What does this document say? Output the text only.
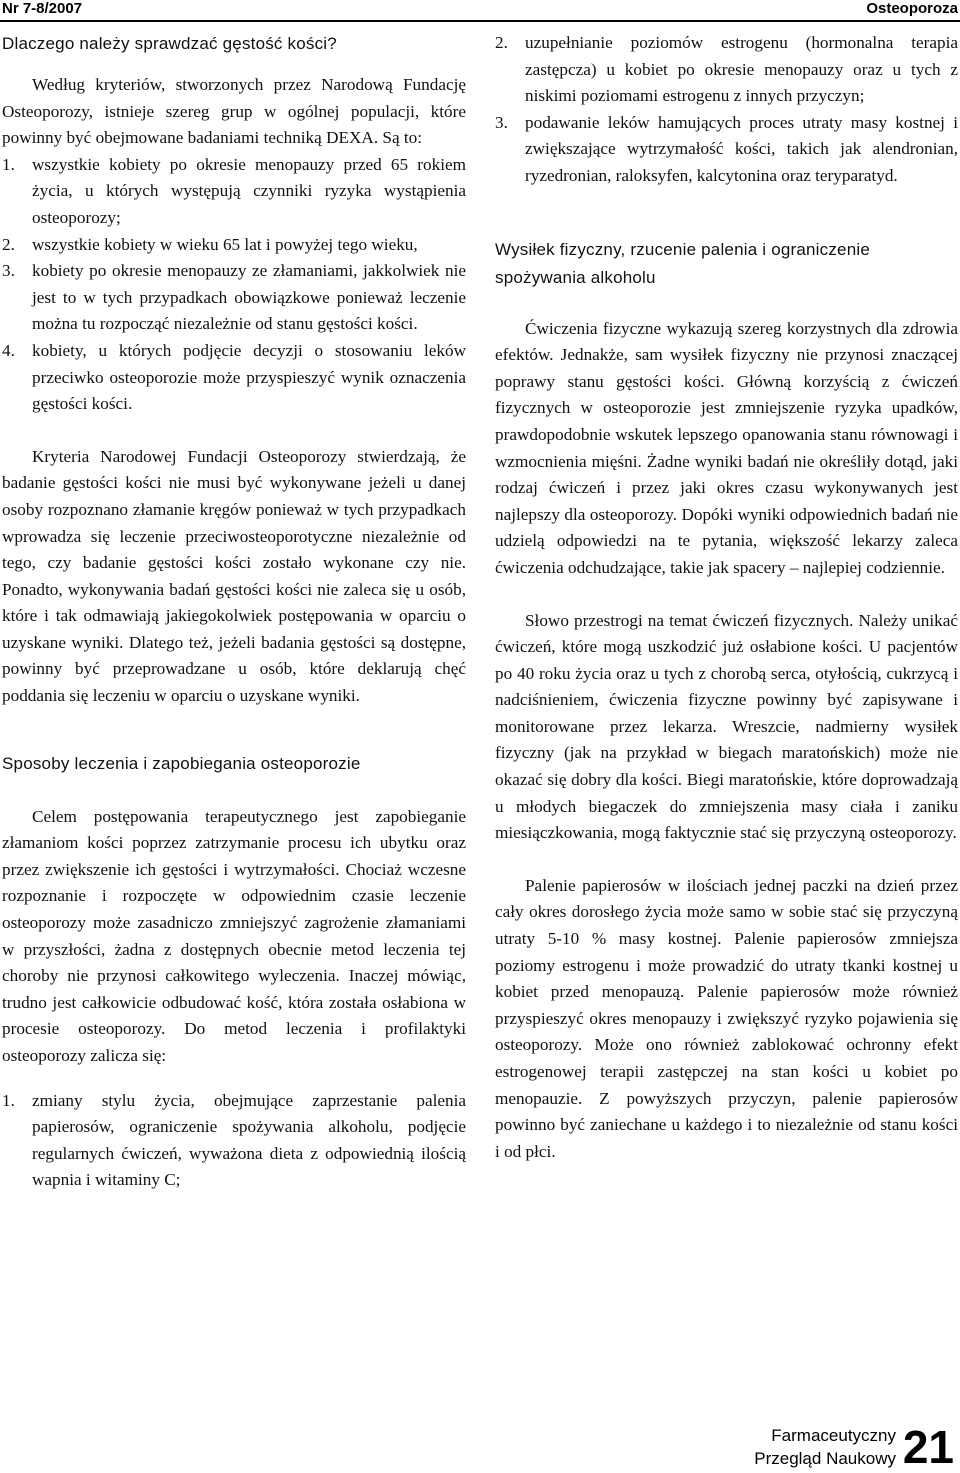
Nr 7-8/2007	Osteoporoza
Dlaczego należy sprawdzać gęstość kości?

Według kryteriów, stworzonych przez Narodową Fundację Osteoporozy, istnieje szereg grup w ogólnej populacji, które powinny być obejmowane badaniami techniką DEXA. Są to:

1. wszystkie kobiety po okresie menopauzy przed 65 rokiem życia, u których występują czynniki ryzyka wystąpienia osteoporozy;
2. wszystkie kobiety w wieku 65 lat i powyżej tego wieku,
3. kobiety po okresie menopauzy ze złamaniami, jakkolwiek nie jest to w tych przypadkach obowiązkowe ponieważ leczenie można tu rozpocząć niezależnie od stanu gęstości kości.
4. kobiety, u których podjęcie decyzji o stosowaniu leków przeciwko osteoporozie może przyspieszyć wynik oznaczenia gęstości kości.

Kryteria Narodowej Fundacji Osteoporozy stwierdzają, że badanie gęstości kości nie musi być wykonywane jeżeli u danej osoby rozpoznano złamanie kręgów ponieważ w tych przypadkach wprowadza się leczenie przeciwosteoporotyczne niezależnie od tego, czy badanie gęstości kości zostało wykonane czy nie. Ponadto, wykonywania badań gęstości kości nie zaleca się u osób, które i tak odmawiają jakiegokolwiek postępowania w oparciu o uzyskane wyniki. Dlatego też, jeżeli badania gęstości są dostępne, powinny być przeprowadzane u osób, które deklarują chęć poddania się leczeniu w oparciu o uzyskane wyniki.

Sposoby leczenia i zapobiegania osteoporozie

Celem postępowania terapeutycznego jest zapobieganie złamaniom kości poprzez zatrzymanie procesu ich ubytku oraz przez zwiększenie ich gęstości i wytrzymałości. Chociaż wczesne rozpoznanie i rozpoczęte w odpowiednim czasie leczenie osteoporozy może zasadniczo zmniejszyć zagrożenie złamaniami w przyszłości, żadna z dostępnych obecnie metod leczenia tej choroby nie przynosi całkowitego wyleczenia. Inaczej mówiąc, trudno jest całkowicie odbudować kość, która została osłabiona w procesie osteoporozy. Do metod leczenia i profilaktyki osteoporozy zalicza się:

1. zmiany stylu życia, obejmujące zaprzestanie palenia papierosów, ograniczenie spożywania alkoholu, podjęcie regularnych ćwiczeń, wyważona dieta z odpowiednią ilością wapnia i witaminy C;
2. uzupełnianie poziomów estrogenu (hormonalna terapia zastępcza) u kobiet po okresie menopauzy oraz u tych z niskimi poziomami estrogenu z innych przyczyn;
3. podawanie leków hamujących proces utraty masy kostnej i zwiększające wytrzymałość kości, takich jak alendronian, ryzedronian, raloksyfen, kalcytonina oraz teryparatyd.
Wysiłek fizyczny, rzucenie palenia i ograniczenie spożywania alkoholu

Ćwiczenia fizyczne wykazują szereg korzystnych dla zdrowia efektów. Jednakże, sam wysiłek fizyczny nie przynosi znaczącej poprawy stanu gęstości kości. Główną korzyścią z ćwiczeń fizycznych w osteoporozie jest zmniejszenie ryzyka upadków, prawdopodobnie wskutek lepszego opanowania stanu równowagi i wzmocnienia mięśni. Żadne wyniki badań nie określiły dotąd, jaki rodzaj ćwiczeń i przez jaki okres czasu wykonywanych jest najlepszy dla osteoporozy. Dopóki wyniki odpowiednich badań nie udzielą odpowiedzi na te pytania, większość lekarzy zaleca ćwiczenia odchudzające, takie jak spacery – najlepiej codziennie.

Słowo przestrogi na temat ćwiczeń fizycznych. Należy unikać ćwiczeń, które mogą uszkodzić już osłabione kości. U pacjentów po 40 roku życia oraz u tych z chorobą serca, otyłością, cukrzycą i nadciśnieniem, ćwiczenia fizyczne powinny być zapisywane i monitorowane przez lekarza. Wreszcie, nadmierny wysiłek fizyczny (jak na przykład w biegach maratońskich) może nie okazać się dobry dla kości. Biegi maratońskie, które doprowadzają u młodych biegaczek do zmniejszenia masy ciała i zaniku miesiączkowania, mogą faktycznie stać się przyczyną osteoporozy.

Palenie papierosów w ilościach jednej paczki na dzień przez cały okres dorosłego życia może samo w sobie stać się przyczyną utraty 5-10 % masy kostnej. Palenie papierosów zmniejsza poziomy estrogenu i może prowadzić do utraty tkanki kostnej u kobiet przed menopauzą. Palenie papierosów może również przyspieszyć okres menopauzy i zwiększyć ryzyko pojawienia się osteoporozy. Może ono również zablokować ochronny efekt estrogenowej terapii zastępczej na stan kości u kobiet po menopauzie. Z powyższych przyczyn, palenie papierosów powinno być zaniechane u każdego i to niezależnie od stanu kości i od płci.

Farmaceutyczny
Przegląd Naukowy 21
